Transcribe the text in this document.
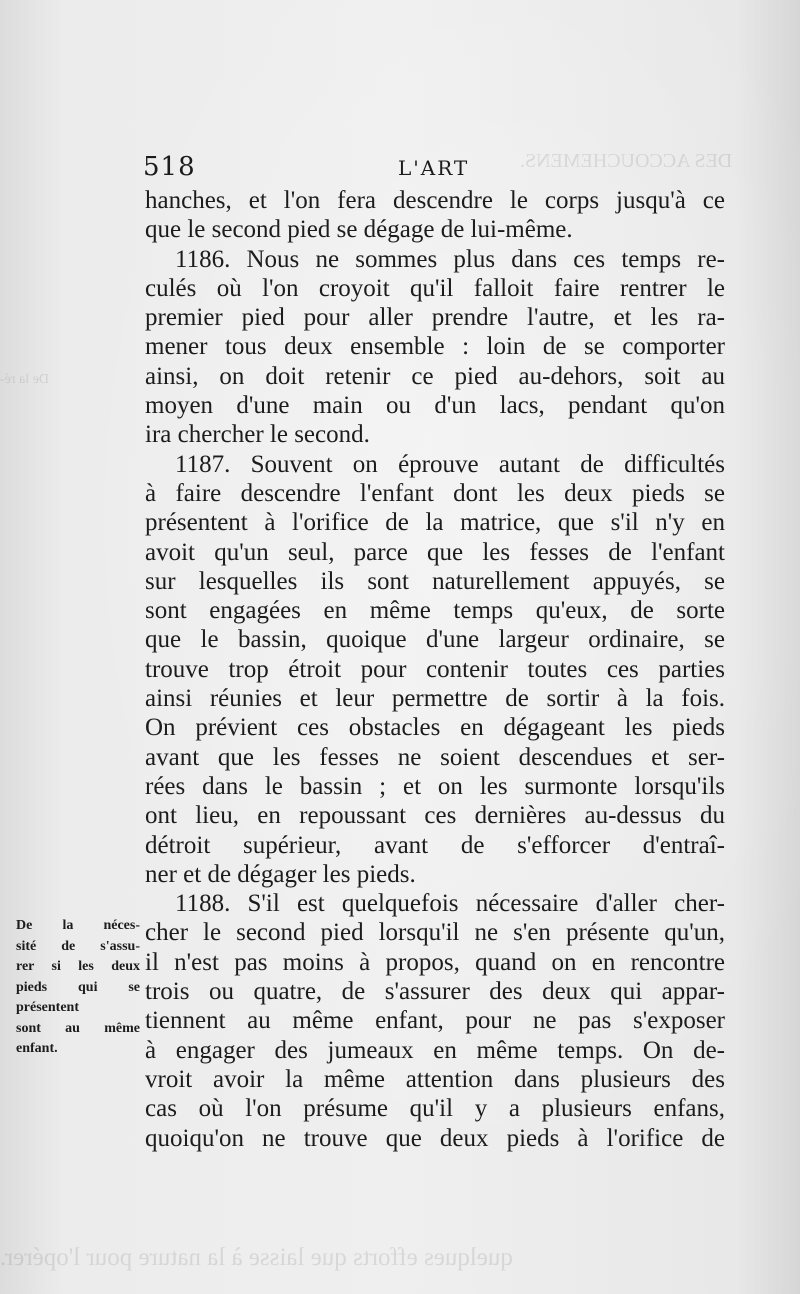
DES ACCOUCHEMENS.
De la ré-
quelques efforts que laisse à la nature pour l'opérer.
518	L'ART
hanches, et l'on fera descendre le corps jusqu'à ce
que le second pied se dégage de lui-même.
1186. Nous ne sommes plus dans ces temps re-
culés où l'on croyoit qu'il falloit faire rentrer le
premier pied pour aller prendre l'autre, et les ra-
mener tous deux ensemble : loin de se comporter
ainsi, on doit retenir ce pied au-dehors, soit au
moyen d'une main ou d'un lacs, pendant qu'on
ira chercher le second.
1187. Souvent on éprouve autant de difficultés
à faire descendre l'enfant dont les deux pieds se
présentent à l'orifice de la matrice, que s'il n'y en
avoit qu'un seul, parce que les fesses de l'enfant
sur lesquelles ils sont naturellement appuyés, se
sont engagées en même temps qu'eux, de sorte
que le bassin, quoique d'une largeur ordinaire, se
trouve trop étroit pour contenir toutes ces parties
ainsi réunies et leur permettre de sortir à la fois.
On prévient ces obstacles en dégageant les pieds
avant que les fesses ne soient descendues et ser-
rées dans le bassin ; et on les surmonte lorsqu'ils
ont lieu, en repoussant ces dernières au-dessus du
détroit supérieur, avant de s'efforcer d'entraî-
ner et de dégager les pieds.
1188. S'il est quelquefois nécessaire d'aller cher-
cher le second pied lorsqu'il ne s'en présente qu'un,
il n'est pas moins à propos, quand on en rencontre
trois ou quatre, de s'assurer des deux qui appar-
tiennent au même enfant, pour ne pas s'exposer
à engager des jumeaux en même temps. On de-
vroit avoir la même attention dans plusieurs des
cas où l'on présume qu'il y a plusieurs enfans,
quoiqu'on ne trouve que deux pieds à l'orifice de
De la néces-
sité de s'assu-
rer si les deux
pieds qui se
présentent
sont au même
enfant.
